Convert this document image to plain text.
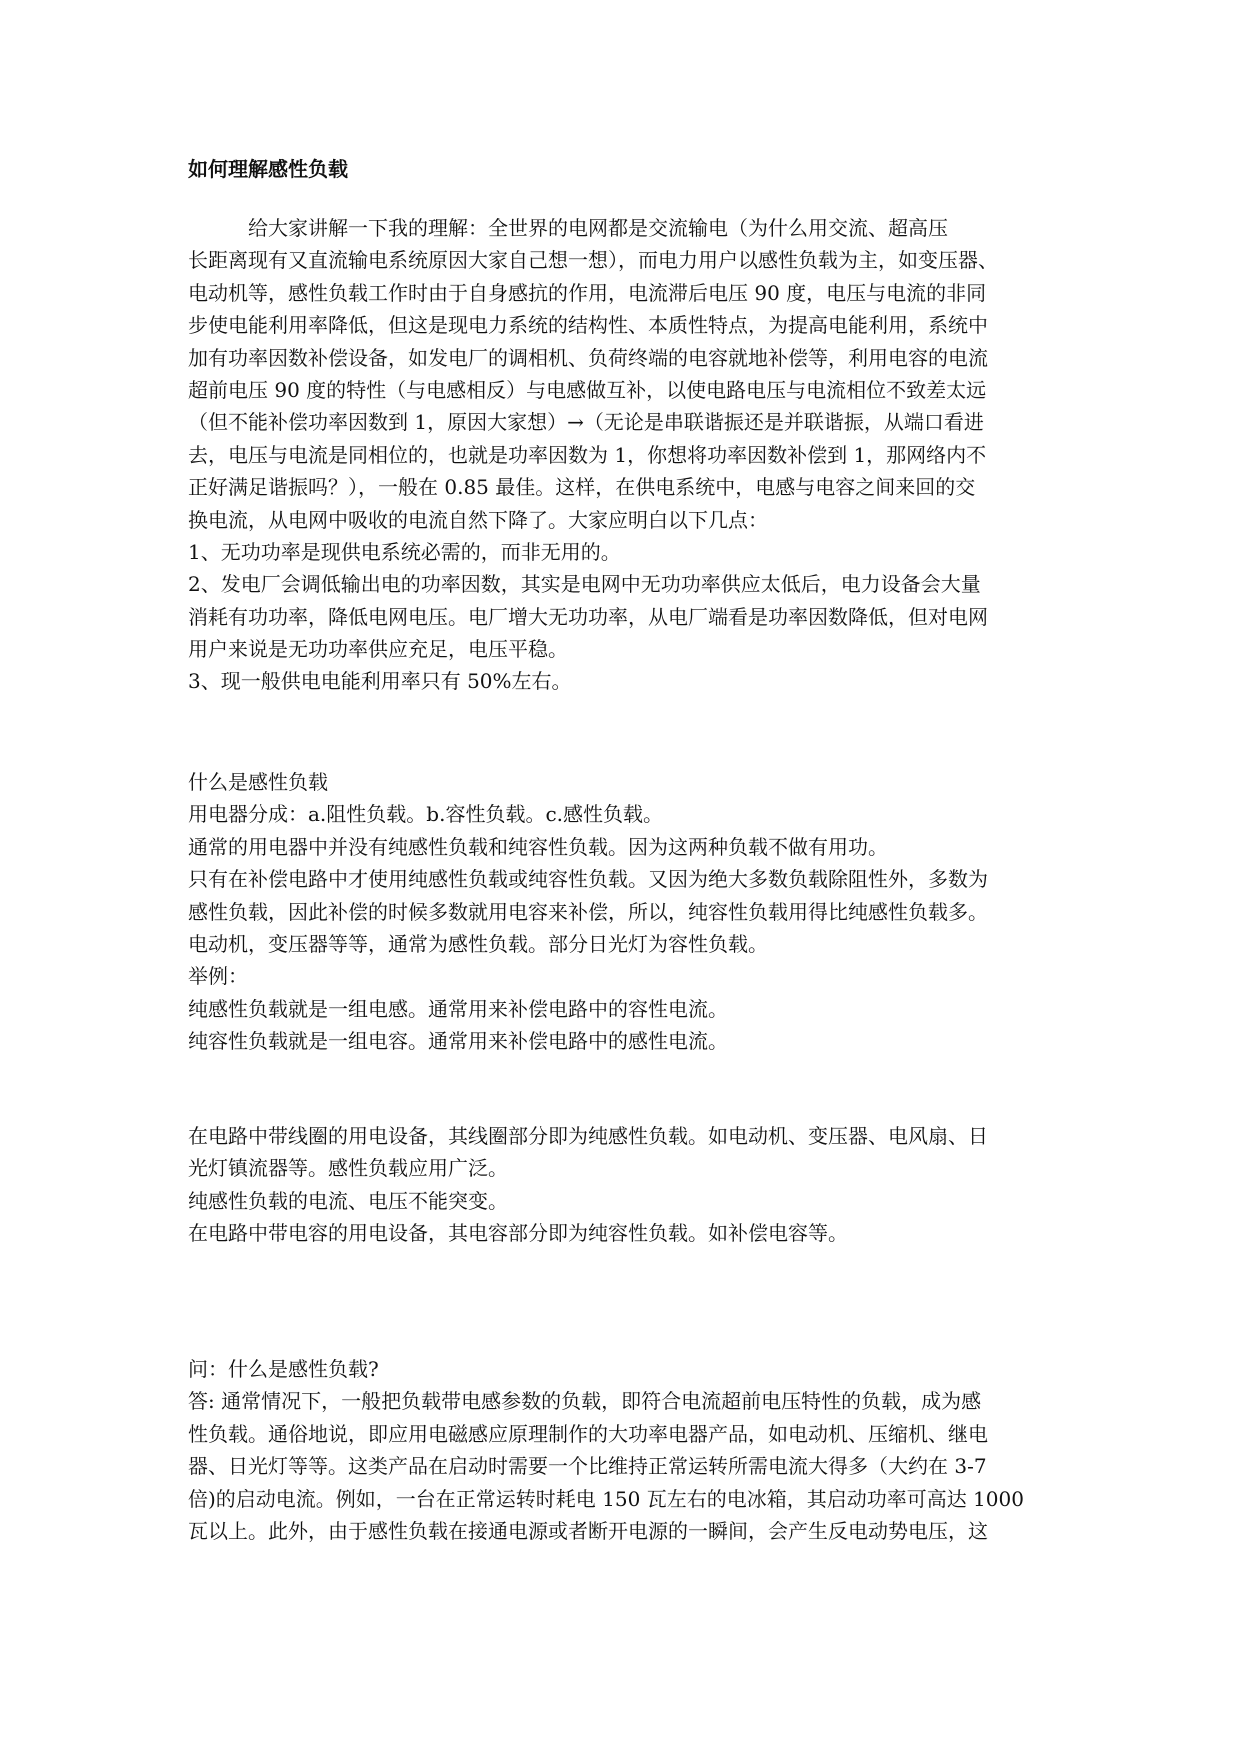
如何理解感性负载
　　　给大家讲解一下我的理解：全世界的电网都是交流输电（为什么用交流、超高压
长距离现有又直流输电系统原因大家自己想一想），而电力用户以感性负载为主，如变压器、
电动机等，感性负载工作时由于自身感抗的作用，电流滞后电压 90 度，电压与电流的非同
步使电能利用率降低，但这是现电力系统的结构性、本质性特点，为提高电能利用，系统中
加有功率因数补偿设备，如发电厂的调相机、负荷终端的电容就地补偿等，利用电容的电流
超前电压 90 度的特性（与电感相反）与电感做互补，以使电路电压与电流相位不致差太远
（但不能补偿功率因数到 1，原因大家想）→（无论是串联谐振还是并联谐振，从端口看进
去，电压与电流是同相位的，也就是功率因数为 1，你想将功率因数补偿到 1，那网络内不
正好满足谐振吗？），一般在 0.85 最佳。这样，在供电系统中，电感与电容之间来回的交
换电流，从电网中吸收的电流自然下降了。大家应明白以下几点：
1、无功功率是现供电系统必需的，而非无用的。
2、发电厂会调低输出电的功率因数，其实是电网中无功功率供应太低后，电力设备会大量
消耗有功功率，降低电网电压。电厂增大无功功率，从电厂端看是功率因数降低，但对电网
用户来说是无功功率供应充足，电压平稳。
3、现一般供电电能利用率只有 50%左右。
什么是感性负载
用电器分成：a.阻性负载。b.容性负载。c.感性负载。
通常的用电器中并没有纯感性负载和纯容性负载。因为这两种负载不做有用功。
只有在补偿电路中才使用纯感性负载或纯容性负载。又因为绝大多数负载除阻性外，多数为
感性负载，因此补偿的时候多数就用电容来补偿，所以，纯容性负载用得比纯感性负载多。
电动机，变压器等等，通常为感性负载。部分日光灯为容性负载。
举例：
纯感性负载就是一组电感。通常用来补偿电路中的容性电流。
纯容性负载就是一组电容。通常用来补偿电路中的感性电流。
在电路中带线圈的用电设备，其线圈部分即为纯感性负载。如电动机、变压器、电风扇、日
光灯镇流器等。感性负载应用广泛。
纯感性负载的电流、电压不能突变。
在电路中带电容的用电设备，其电容部分即为纯容性负载。如补偿电容等。
问：什么是感性负载?
答: 通常情况下，一般把负载带电感参数的负载，即符合电流超前电压特性的负载，成为感
性负载。通俗地说，即应用电磁感应原理制作的大功率电器产品，如电动机、压缩机、继电
器、日光灯等等。这类产品在启动时需要一个比维持正常运转所需电流大得多（大约在 3-7
倍)的启动电流。例如，一台在正常运转时耗电 150 瓦左右的电冰箱，其启动功率可高达 1000
瓦以上。此外，由于感性负载在接通电源或者断开电源的一瞬间，会产生反电动势电压，这
